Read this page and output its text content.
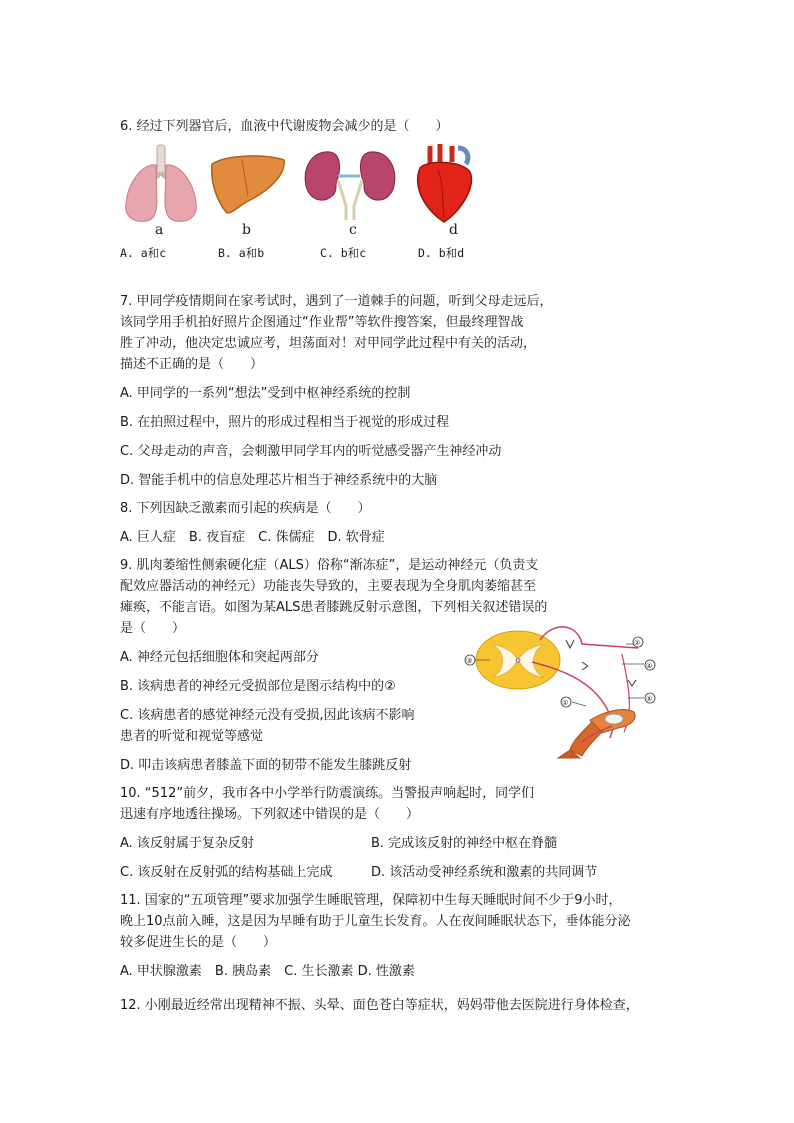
6. 经过下列器官后，血液中代谢废物会减少的是（　　）
a	b	c	d
A. a和c	B. a和b	C. b和c	D. b和d
7. 甲同学疫情期间在家考试时，遇到了一道棘手的问题，听到父母走远后，
该同学用手机拍好照片企图通过“作业帮”等软件搜答案，但最终理智战
胜了冲动，他决定忠诚应考，坦荡面对！对甲同学此过程中有关的活动，
描述不正确的是（　　）
A. 甲同学的一系列“想法”受到中枢神经系统的控制
B. 在拍照过程中，照片的形成过程相当于视觉的形成过程
C. 父母走动的声音，会刺激甲同学耳内的听觉感受器产生神经冲动
D. 智能手机中的信息处理芯片相当于神经系统中的大脑
8. 下列因缺乏激素而引起的疾病是（　　）
A. 巨人症　B. 夜盲症　C. 侏儒症　D. 软骨症
9. 肌肉萎缩性侧索硬化症（ALS）俗称“渐冻症”，是运动神经元（负责支
配效应器活动的神经元）功能丧失导致的，主要表现为全身肌肉萎缩甚至
瘫痪，不能言语。如图为某ALS患者膝跳反射示意图，下列相关叙述错误的
是（　　）
A. 神经元包括细胞体和突起两部分
B. 该病患者的神经元受损部位是图示结构中的②
C. 该病患者的感觉神经元没有受损,因此该病不影响
患者的听觉和视觉等感觉
D. 叩击该病患者膝盖下面的韧带不能发生膝跳反射
0
③
②
④
⑤
①
10. “512”前夕，我市各中小学举行防震演练。当警报声响起时，同学们
迅速有序地透往操场。下列叙述中错误的是（　　）
A. 该反射属于复杂反射	B. 完成该反射的神经中枢在脊髓
C. 该反射在反射弧的结构基础上完成	D. 该活动受神经系统和激素的共同调节
11. 国家的“五项管理”要求加强学生睡眠管理，保障初中生每天睡眠时间不少于9小时，
晚上10点前入睡，这是因为早睡有助于儿童生长发育。人在夜间睡眠状态下，垂体能分泌
较多促进生长的是（　　）
A. 甲状腺激素　B. 胰岛素　C. 生长激素 D. 性激素
12. 小刚最近经常出现精神不振、头晕、面色苍白等症状，妈妈带他去医院进行身体检查，
